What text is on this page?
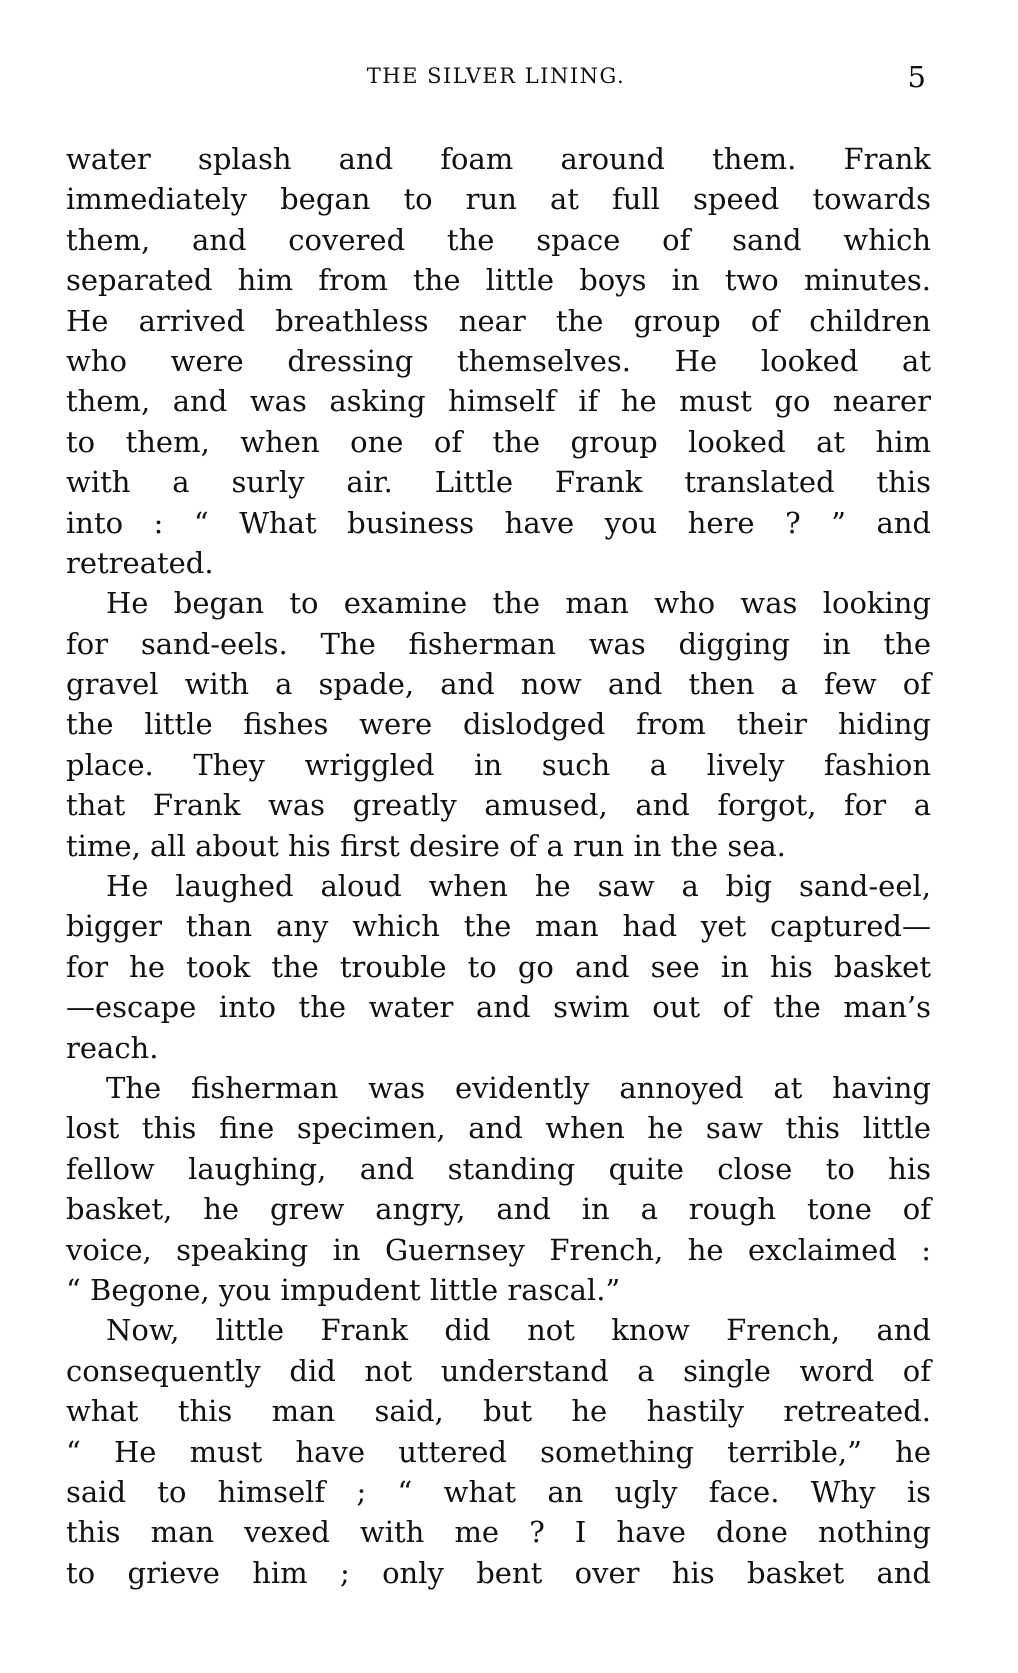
THE SILVER LINING.	5
water splash and foam around them. Frank
immediately began to run at full speed towards
them, and covered the space of sand which
separated him from the little boys in two minutes.
He arrived breathless near the group of children
who were dressing themselves. He looked at
them, and was asking himself if he must go nearer
to them, when one of the group looked at him
with a surly air. Little Frank translated this
into : “ What business have you here ? ” and
retreated.
He began to examine the man who was looking
for sand-eels. The fisherman was digging in the
gravel with a spade, and now and then a few of
the little fishes were dislodged from their hiding
place. They wriggled in such a lively fashion
that Frank was greatly amused, and forgot, for a
time, all about his first desire of a run in the sea.
He laughed aloud when he saw a big sand-eel,
bigger than any which the man had yet captured—
for he took the trouble to go and see in his basket
—escape into the water and swim out of the man’s
reach.
The fisherman was evidently annoyed at having
lost this fine specimen, and when he saw this little
fellow laughing, and standing quite close to his
basket, he grew angry, and in a rough tone of
voice, speaking in Guernsey French, he exclaimed :
“ Begone, you impudent little rascal.”
Now, little Frank did not know French, and
consequently did not understand a single word of
what this man said, but he hastily retreated.
“ He must have uttered something terrible,” he
said to himself ; “ what an ugly face. Why is
this man vexed with me ? I have done nothing
to grieve him ; only bent over his basket and
